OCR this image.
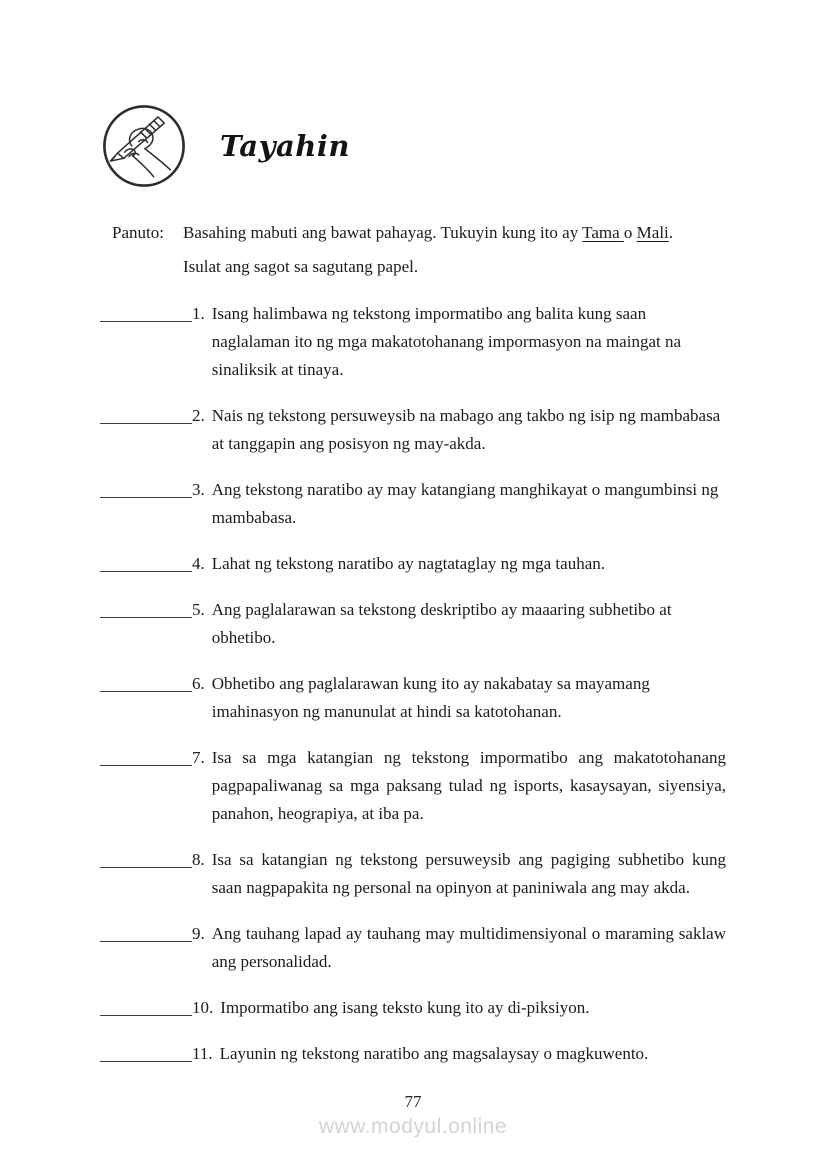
Tayahin
Panuto:	Basahing mabuti ang bawat pahayag. Tukuyin kung ito ay Tama o Mali.
Isulat ang sagot sa sagutang papel.
1. Isang halimbawa ng tekstong impormatibo ang balita kung saan naglalaman ito ng mga makatotohanang impormasyon na maingat na sinaliksik at tinaya.
2. Nais ng tekstong persuweysib na mabago ang takbo ng isip ng mambabasa at tanggapin ang posisyon ng may-akda.
3. Ang tekstong naratibo ay may katangiang manghikayat o mangumbinsi ng mambabasa.
4. Lahat ng tekstong naratibo ay nagtataglay ng mga tauhan.
5. Ang paglalarawan sa tekstong deskriptibo ay maaaring subhetibo at obhetibo.
6. Obhetibo ang paglalarawan kung ito ay nakabatay sa mayamang imahinasyon ng manunulat at hindi sa katotohanan.
7. Isa sa mga katangian ng tekstong impormatibo ang makatotohanang pagpapaliwanag sa mga paksang tulad ng isports, kasaysayan, siyensiya, panahon, heograpiya, at iba pa.
8. Isa sa katangian ng tekstong persuweysib ang pagiging subhetibo kung saan nagpapakita ng personal na opinyon at paniniwala ang may akda.
9. Ang tauhang lapad ay tauhang may multidimensiyonal o maraming saklaw ang personalidad.
10. Impormatibo ang isang teksto kung ito ay di-piksiyon.
11. Layunin ng tekstong naratibo ang magsalaysay o magkuwento.
77
www.modyul.online
